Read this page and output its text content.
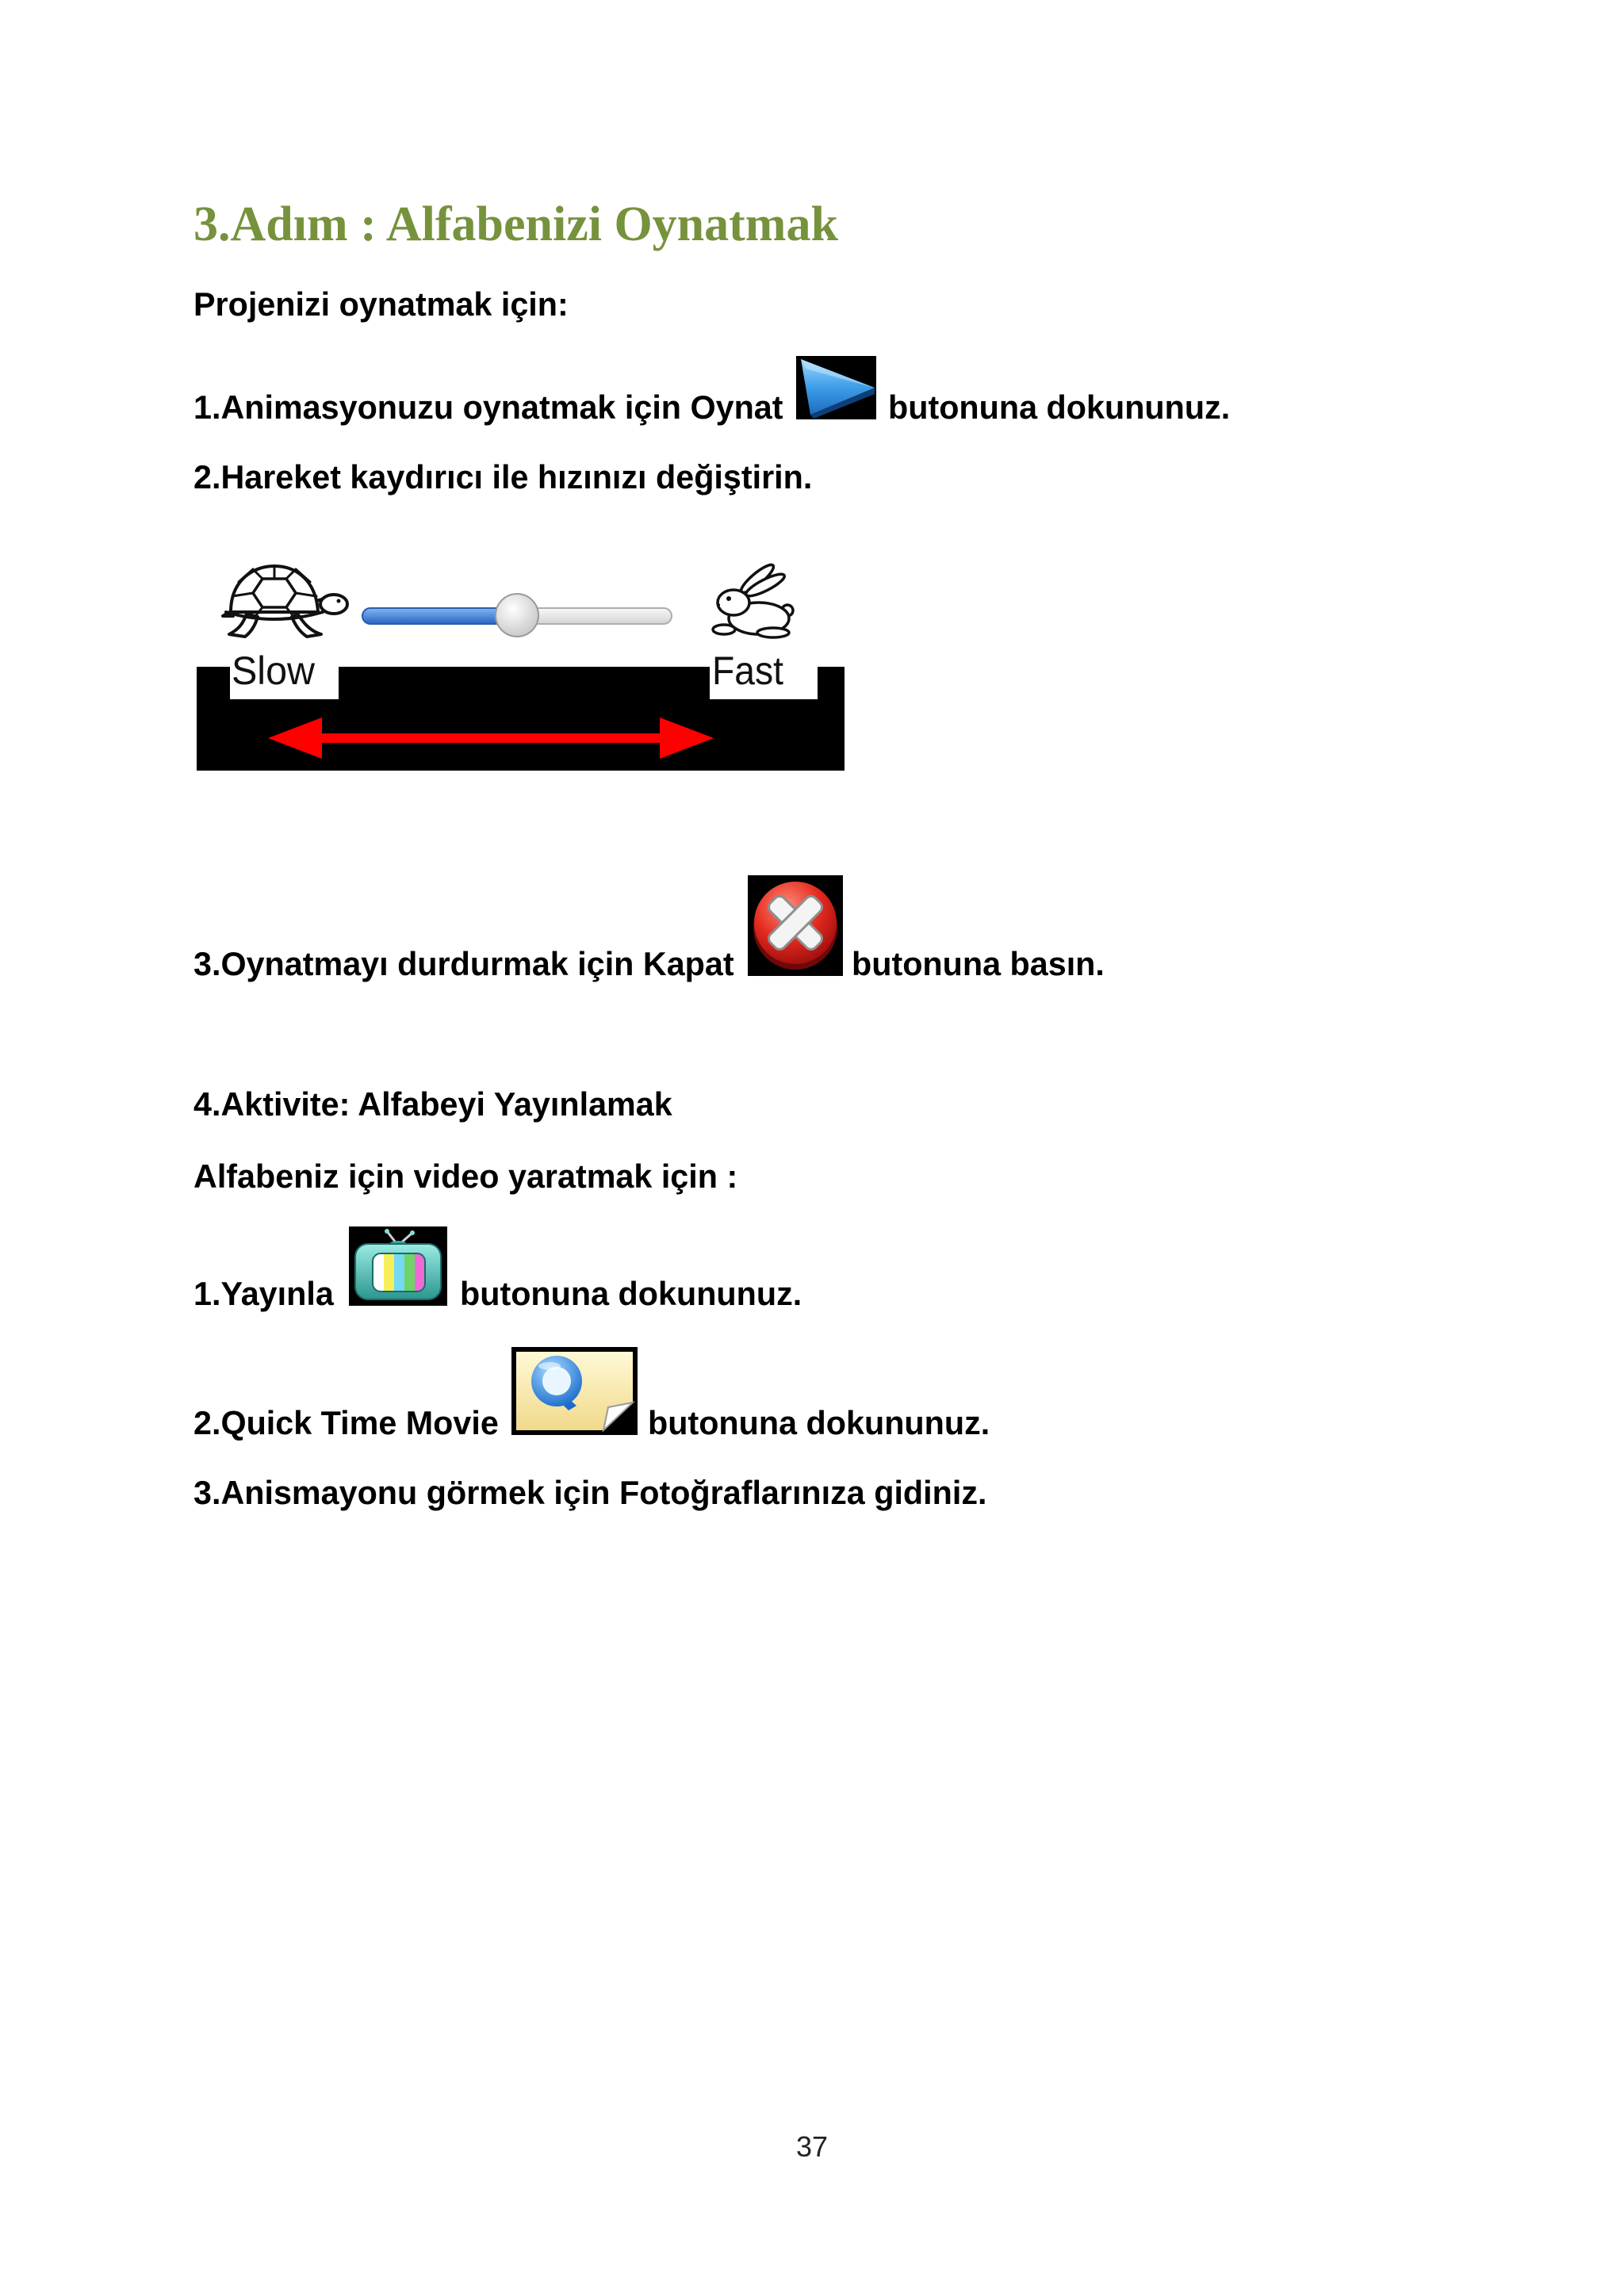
3.Adım : Alfabenizi Oynatmak
Projenizi oynatmak için:
1.Animasyonuzu oynatmak için Oynat	butonuna dokununuz.
2.Hareket kaydırıcı ile hızınızı değiştirin.
Slow	Fast
3.Oynatmayı durdurmak için Kapat	butonuna basın.
4.Aktivite: Alfabeyi Yayınlamak
Alfabeniz için video yaratmak için :
1.Yayınla	butonuna dokununuz.
2.Quick Time Movie	butonuna dokununuz.
3.Anismayonu görmek için Fotoğraflarınıza gidiniz.
37
